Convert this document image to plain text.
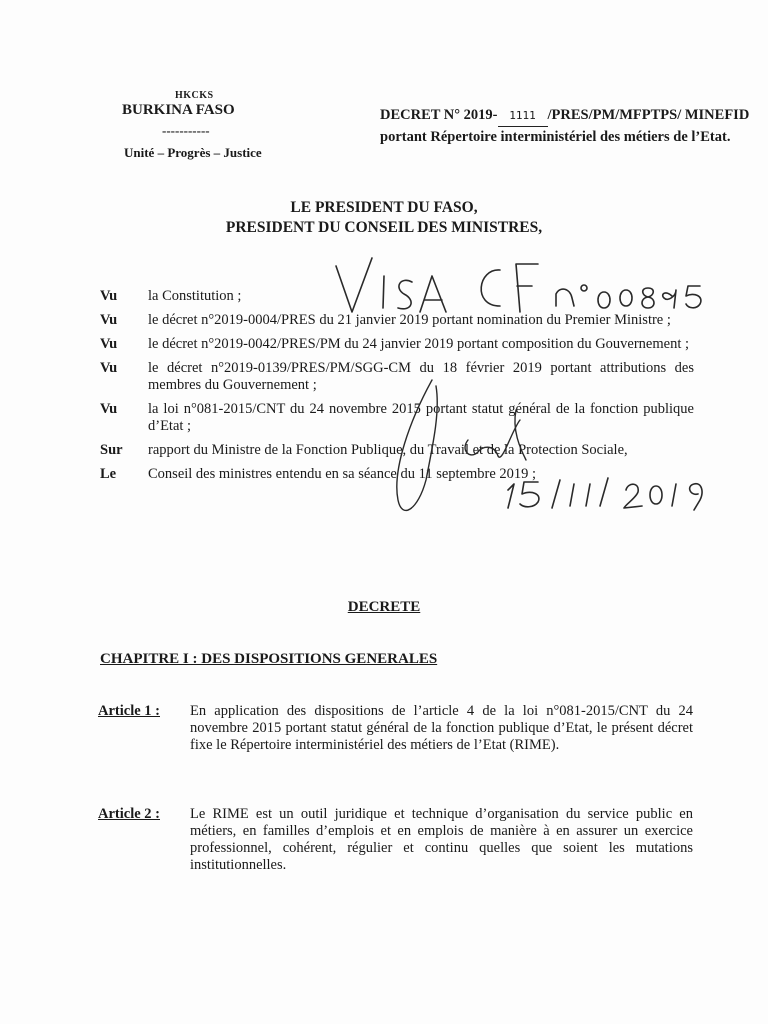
HKCKS
BURKINA FASO
-----------
Unité – Progrès – Justice
DECRET N° 2019- 1111 /PRES/PM/MFPTPS/ MINEFID portant Répertoire interministériel des métiers de l’Etat.
LE PRESIDENT DU FASO,
PRESIDENT DU CONSEIL DES MINISTRES,
Vu	la Constitution ;
Vu	le décret n°2019-0004/PRES du 21 janvier 2019 portant nomination du Premier Ministre ;
Vu	le décret n°2019-0042/PRES/PM du 24 janvier 2019 portant composition du Gouvernement ;
Vu	le décret n°2019-0139/PRES/PM/SGG-CM du 18 février 2019 portant attributions des membres du Gouvernement ;
Vu	la loi n°081-2015/CNT du 24 novembre 2015 portant statut général de la fonction publique d’Etat ;
Sur	rapport du Ministre de la Fonction Publique, du Travail et de la Protection Sociale,
Le	Conseil des ministres entendu en sa séance du 11 septembre 2019 ;
DECRETE
CHAPITRE I : DES DISPOSITIONS GENERALES
Article 1 :	En application des dispositions de l’article 4 de la loi n°081-2015/CNT du 24 novembre 2015 portant statut général de la fonction publique d’Etat, le présent décret fixe le Répertoire interministériel des métiers de l’Etat (RIME).
Article 2 :	Le RIME est un outil juridique et technique d’organisation du service public en métiers, en familles d’emplois et en emplois de manière à en assurer un exercice professionnel, cohérent, régulier et continu quelles que soient les mutations institutionnelles.
